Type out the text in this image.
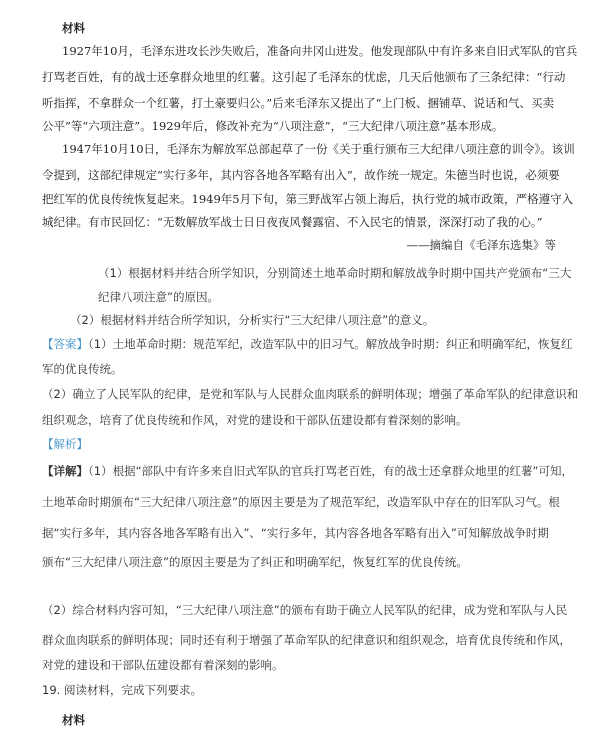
材料
1927年10月，毛泽东进攻长沙失败后，准备向井冈山进发。他发现部队中有许多来自旧式军队的官兵
打骂老百姓，有的战士还拿群众地里的红薯。这引起了毛泽东的忧虑，几天后他颁布了三条纪律：“行动
听指挥，不拿群众一个红薯，打土豪要归公。”后来毛泽东又提出了“上门板、捆铺草、说话和气、买卖
公平”等“六项注意”。1929年后，修改补充为“八项注意”，“三大纪律八项注意”基本形成。
1947年10月10日，毛泽东为解放军总部起草了一份《关于重行颁布三大纪律八项注意的训令》。该训
令提到，这部纪律规定“实行多年，其内容各地各军略有出入”，故作统一规定。朱德当时也说，必须要
把红军的优良传统恢复起来。1949年5月下旬，第三野战军占领上海后，执行党的城市政策，严格遵守入
城纪律。有市民回忆：“无数解放军战士日日夜夜风餐露宿、不入民宅的情景，深深打动了我的心。”
——摘编自《毛泽东选集》等
（1）根据材料并结合所学知识，分别简述土地革命时期和解放战争时期中国共产党颁布“三大
纪律八项注意”的原因。
（2）根据材料并结合所学知识，分析实行“三大纪律八项注意”的意义。
【答案】（1）土地革命时期：规范军纪，改造军队中的旧习气。解放战争时期：纠正和明确军纪，恢复红
军的优良传统。
（2）确立了人民军队的纪律，是党和军队与人民群众血肉联系的鲜明体现；增强了革命军队的纪律意识和
组织观念，培育了优良传统和作风，对党的建设和干部队伍建设都有着深刻的影响。
【解析】
【详解】（1）根据“部队中有许多来自旧式军队的官兵打骂老百姓，有的战士还拿群众地里的红薯”可知，
土地革命时期颁布“三大纪律八项注意”的原因主要是为了规范军纪，改造军队中存在的旧军队习气。根
据“实行多年，其内容各地各军略有出入”、“实行多年，其内容各地各军略有出入”可知解放战争时期
颁布“三大纪律八项注意”的原因主要是为了纠正和明确军纪，恢复红军的优良传统。
（2）综合材料内容可知，“三大纪律八项注意”的颁布有助于确立人民军队的纪律，成为党和军队与人民
群众血肉联系的鲜明体现；同时还有利于增强了革命军队的纪律意识和组织观念，培育优良传统和作风，
对党的建设和干部队伍建设都有着深刻的影响。
19. 阅读材料，完成下列要求。
材料
